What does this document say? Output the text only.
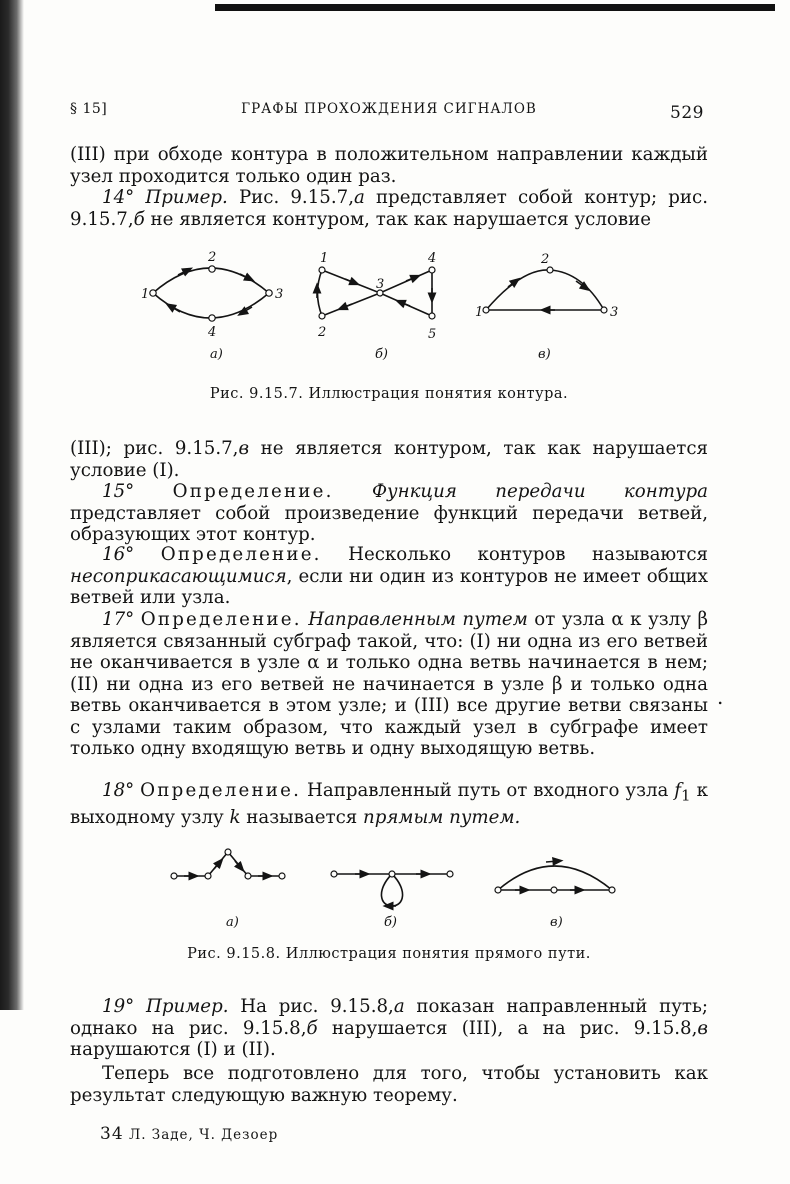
§ 15]	ГРАФЫ ПРОХОЖДЕНИЯ СИГНАЛОВ	529

(III) при обходе контура в положительном направлении каждый узел проходится только один раз.

14° Пример. Рис. 9.15.7,а представляет собой контур; рис. 9.15.7,б не является контуром, так как нарушается условие

1
2
3
4
1
2
3
4
5
1
2
3
а)	б)	в)
Рис. 9.15.7. Иллюстрация понятия контура.

(III); рис. 9.15.7,в не является контуром, так как нарушается условие (I).

15° Определение. Функция передачи контура представляет собой произведение функций передачи ветвей, образующих этот контур.

16° Определение. Несколько контуров называются несоприкасающимися, если ни один из контуров не имеет общих ветвей или узла.

17° Определение. Направленным путем от узла α к узлу β является связанный субграф такой, что: (I) ни одна из его ветвей не оканчивается в узле α и только одна ветвь начинается в нем; (II) ни одна из его ветвей не начинается в узле β и только одна ветвь оканчивается в этом узле; и (III) все другие ветви связаны с узлами таким образом, что каждый узел в субграфе имеет только одну входящую ветвь и одну выходящую ветвь.

18° Определение. Направленный путь от входного узла $f_1$ к выходному узлу k называется прямым путем.

а)	б)	в)
Рис. 9.15.8. Иллюстрация понятия прямого пути.

19° Пример. На рис. 9.15.8,а показан направленный путь; однако на рис. 9.15.8,б нарушается (III), а на рис. 9.15.8,в нарушаются (I) и (II).

Теперь все подготовлено для того, чтобы установить как результат следующую важную теорему.

34 Л. Заде, Ч. Дезоер
.
